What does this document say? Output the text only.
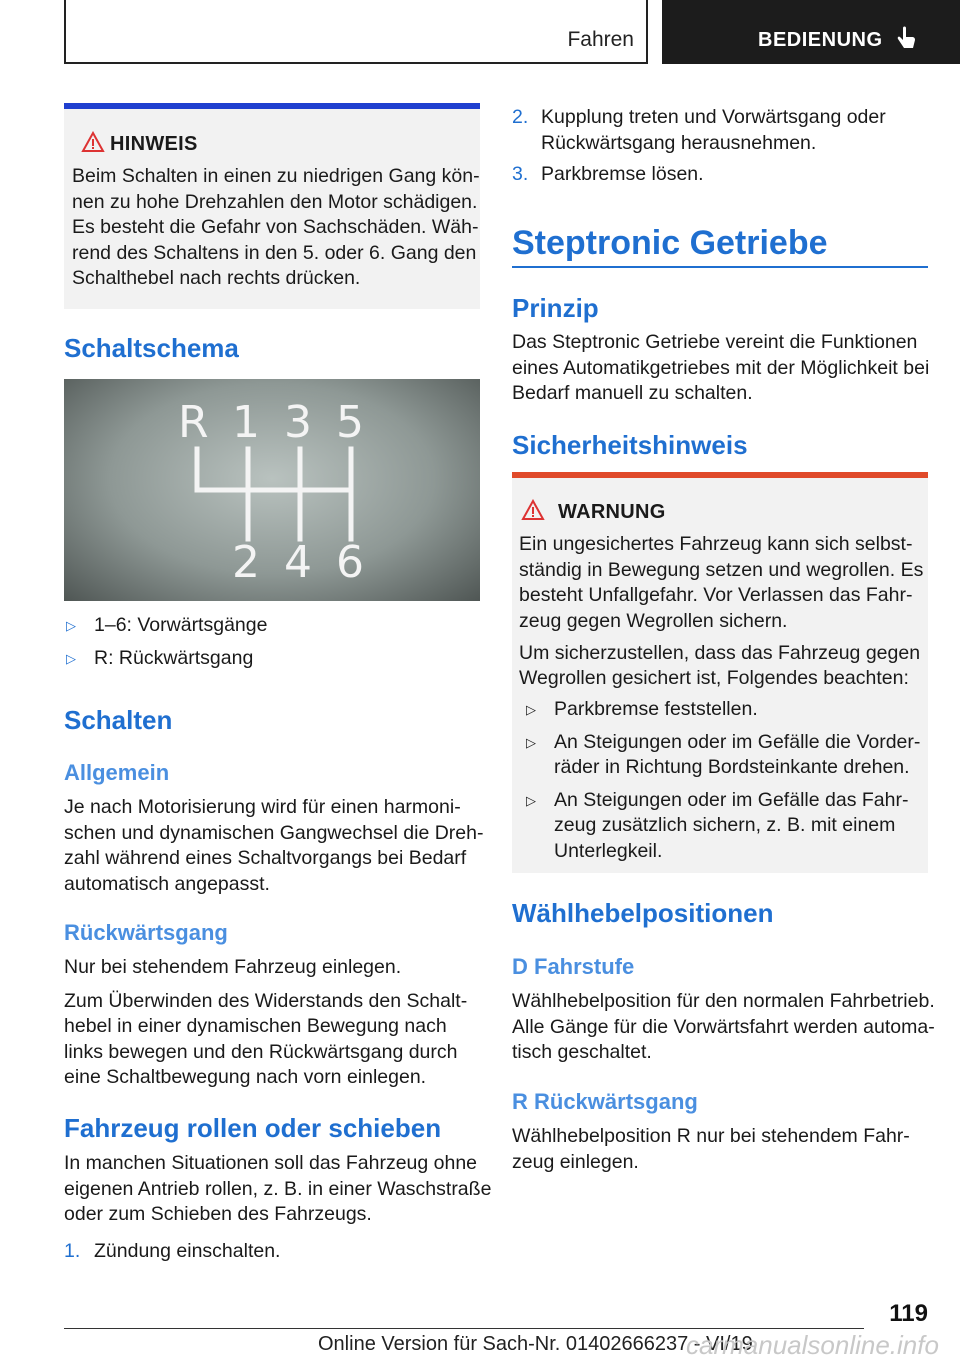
Fahren	BEDIENUNG
HINWEIS
Beim Schalten in einen zu niedrigen Gang kön-
nen zu hohe Drehzahlen den Motor schädigen.
Es besteht die Gefahr von Sachschäden. Wäh-
rend des Schaltens in den 5. oder 6. Gang den
Schalthebel nach rechts drücken.
Schaltschema
R 1 3 5
2 4 6
▷ 1–6: Vorwärtsgänge
▷ R: Rückwärtsgang
Schalten
Allgemein
Je nach Motorisierung wird für einen harmoni-
schen und dynamischen Gangwechsel die Dreh-
zahl während eines Schaltvorgangs bei Bedarf
automatisch angepasst.
Rückwärtsgang
Nur bei stehendem Fahrzeug einlegen.
Zum Überwinden des Widerstands den Schalt-
hebel in einer dynamischen Bewegung nach
links bewegen und den Rückwärtsgang durch
eine Schaltbewegung nach vorn einlegen.
Fahrzeug rollen oder schieben
In manchen Situationen soll das Fahrzeug ohne
eigenen Antrieb rollen, z. B. in einer Waschstraße
oder zum Schieben des Fahrzeugs.
1. Zündung einschalten.
2. Kupplung treten und Vorwärtsgang oder
Rückwärtsgang herausnehmen.
3. Parkbremse lösen.
Steptronic Getriebe
Prinzip
Das Steptronic Getriebe vereint die Funktionen
eines Automatikgetriebes mit der Möglichkeit bei
Bedarf manuell zu schalten.
Sicherheitshinweis
WARNUNG
Ein ungesichertes Fahrzeug kann sich selbst-
ständig in Bewegung setzen und wegrollen. Es
besteht Unfallgefahr. Vor Verlassen das Fahr-
zeug gegen Wegrollen sichern.
Um sicherzustellen, dass das Fahrzeug gegen
Wegrollen gesichert ist, Folgendes beachten:
▷ Parkbremse feststellen.
▷ An Steigungen oder im Gefälle die Vorder-
räder in Richtung Bordsteinkante drehen.
▷ An Steigungen oder im Gefälle das Fahr-
zeug zusätzlich sichern, z. B. mit einem
Unterlegkeil.
Wählhebelpositionen
D Fahrstufe
Wählhebelposition für den normalen Fahrbetrieb.
Alle Gänge für die Vorwärtsfahrt werden automa-
tisch geschaltet.
R Rückwärtsgang
Wählhebelposition R nur bei stehendem Fahr-
zeug einlegen.
119
Online Version für Sach-Nr. 01402666237 - VI/19
carmanualsonline.info
